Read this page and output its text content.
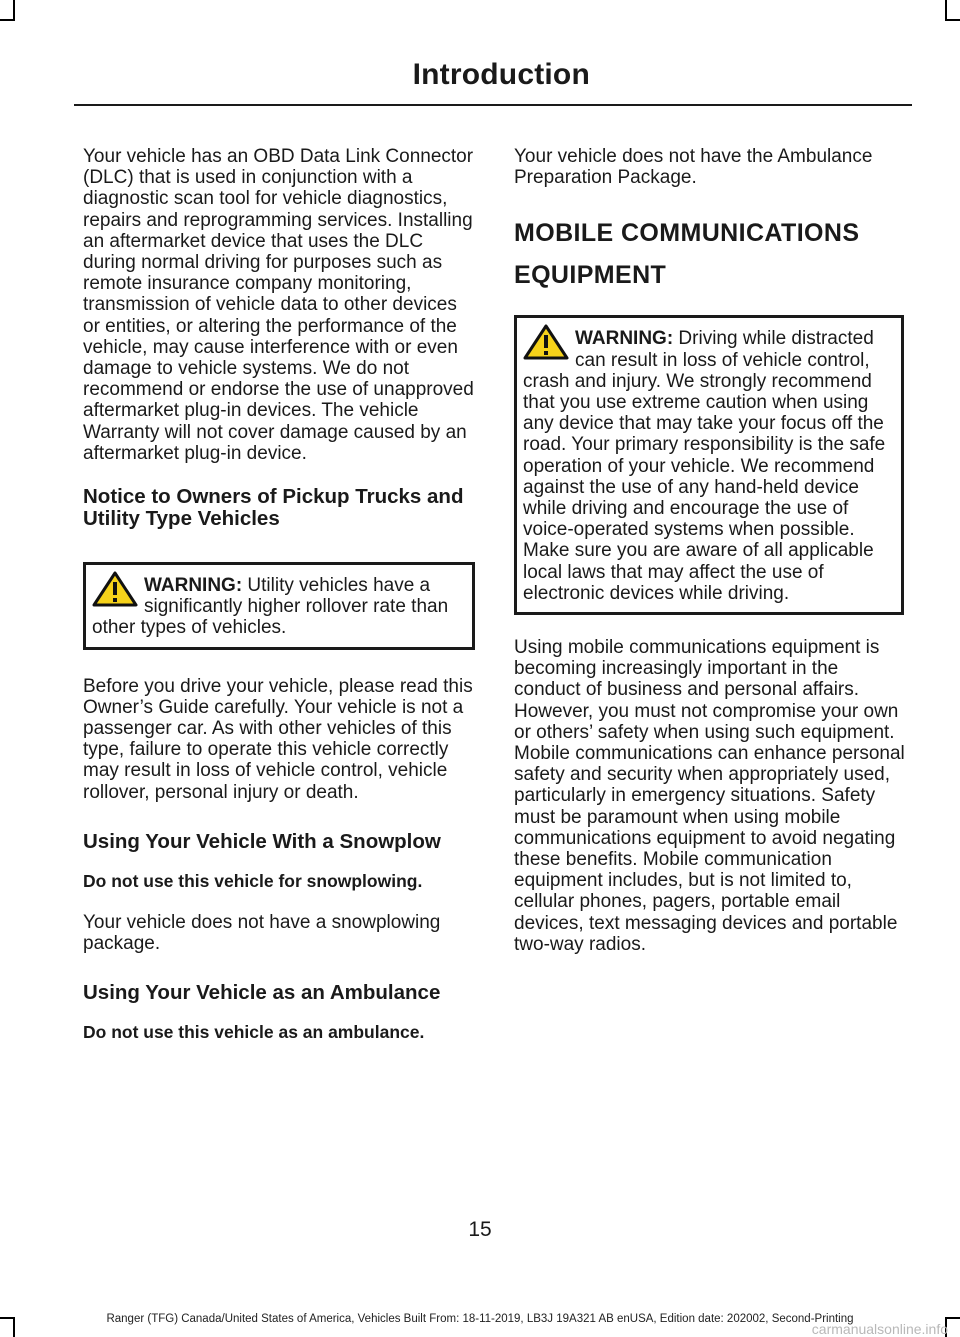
Introduction

Your vehicle has an OBD Data Link Connector (DLC) that is used in conjunction with a diagnostic scan tool for vehicle diagnostics, repairs and reprogramming services. Installing an aftermarket device that uses the DLC during normal driving for purposes such as remote insurance company monitoring, transmission of vehicle data to other devices or entities, or altering the performance of the vehicle, may cause interference with or even damage to vehicle systems. We do not recommend or endorse the use of unapproved aftermarket plug-in devices. The vehicle Warranty will not cover damage caused by an aftermarket plug-in device.

Notice to Owners of Pickup Trucks and Utility Type Vehicles

WARNING: Utility vehicles have a significantly higher rollover rate than other types of vehicles.

Before you drive your vehicle, please read this Owner’s Guide carefully. Your vehicle is not a passenger car. As with other vehicles of this type, failure to operate this vehicle correctly may result in loss of vehicle control, vehicle rollover, personal injury or death.

Using Your Vehicle With a Snowplow
Do not use this vehicle for snowplowing.

Your vehicle does not have a snowplowing package.

Using Your Vehicle as an Ambulance
Do not use this vehicle as an ambulance.

Your vehicle does not have the Ambulance Preparation Package.

MOBILE COMMUNICATIONS
EQUIPMENT

WARNING: Driving while distracted can result in loss of vehicle control, crash and injury. We strongly recommend that you use extreme caution when using any device that may take your focus off the road. Your primary responsibility is the safe operation of your vehicle. We recommend against the use of any hand-held device while driving and encourage the use of voice-operated systems when possible. Make sure you are aware of all applicable local laws that may affect the use of electronic devices while driving.

Using mobile communications equipment is becoming increasingly important in the conduct of business and personal affairs. However, you must not compromise your own or others’ safety when using such equipment. Mobile communications can enhance personal safety and security when appropriately used, particularly in emergency situations. Safety must be paramount when using mobile communications equipment to avoid negating these benefits. Mobile communication equipment includes, but is not limited to, cellular phones, pagers, portable email devices, text messaging devices and portable two-way radios.

15
Ranger (TFG) Canada/United States of America, Vehicles Built From: 18-11-2019, LB3J 19A321 AB enUSA, Edition date: 202002, Second-Printing
carmanualsonline.info
